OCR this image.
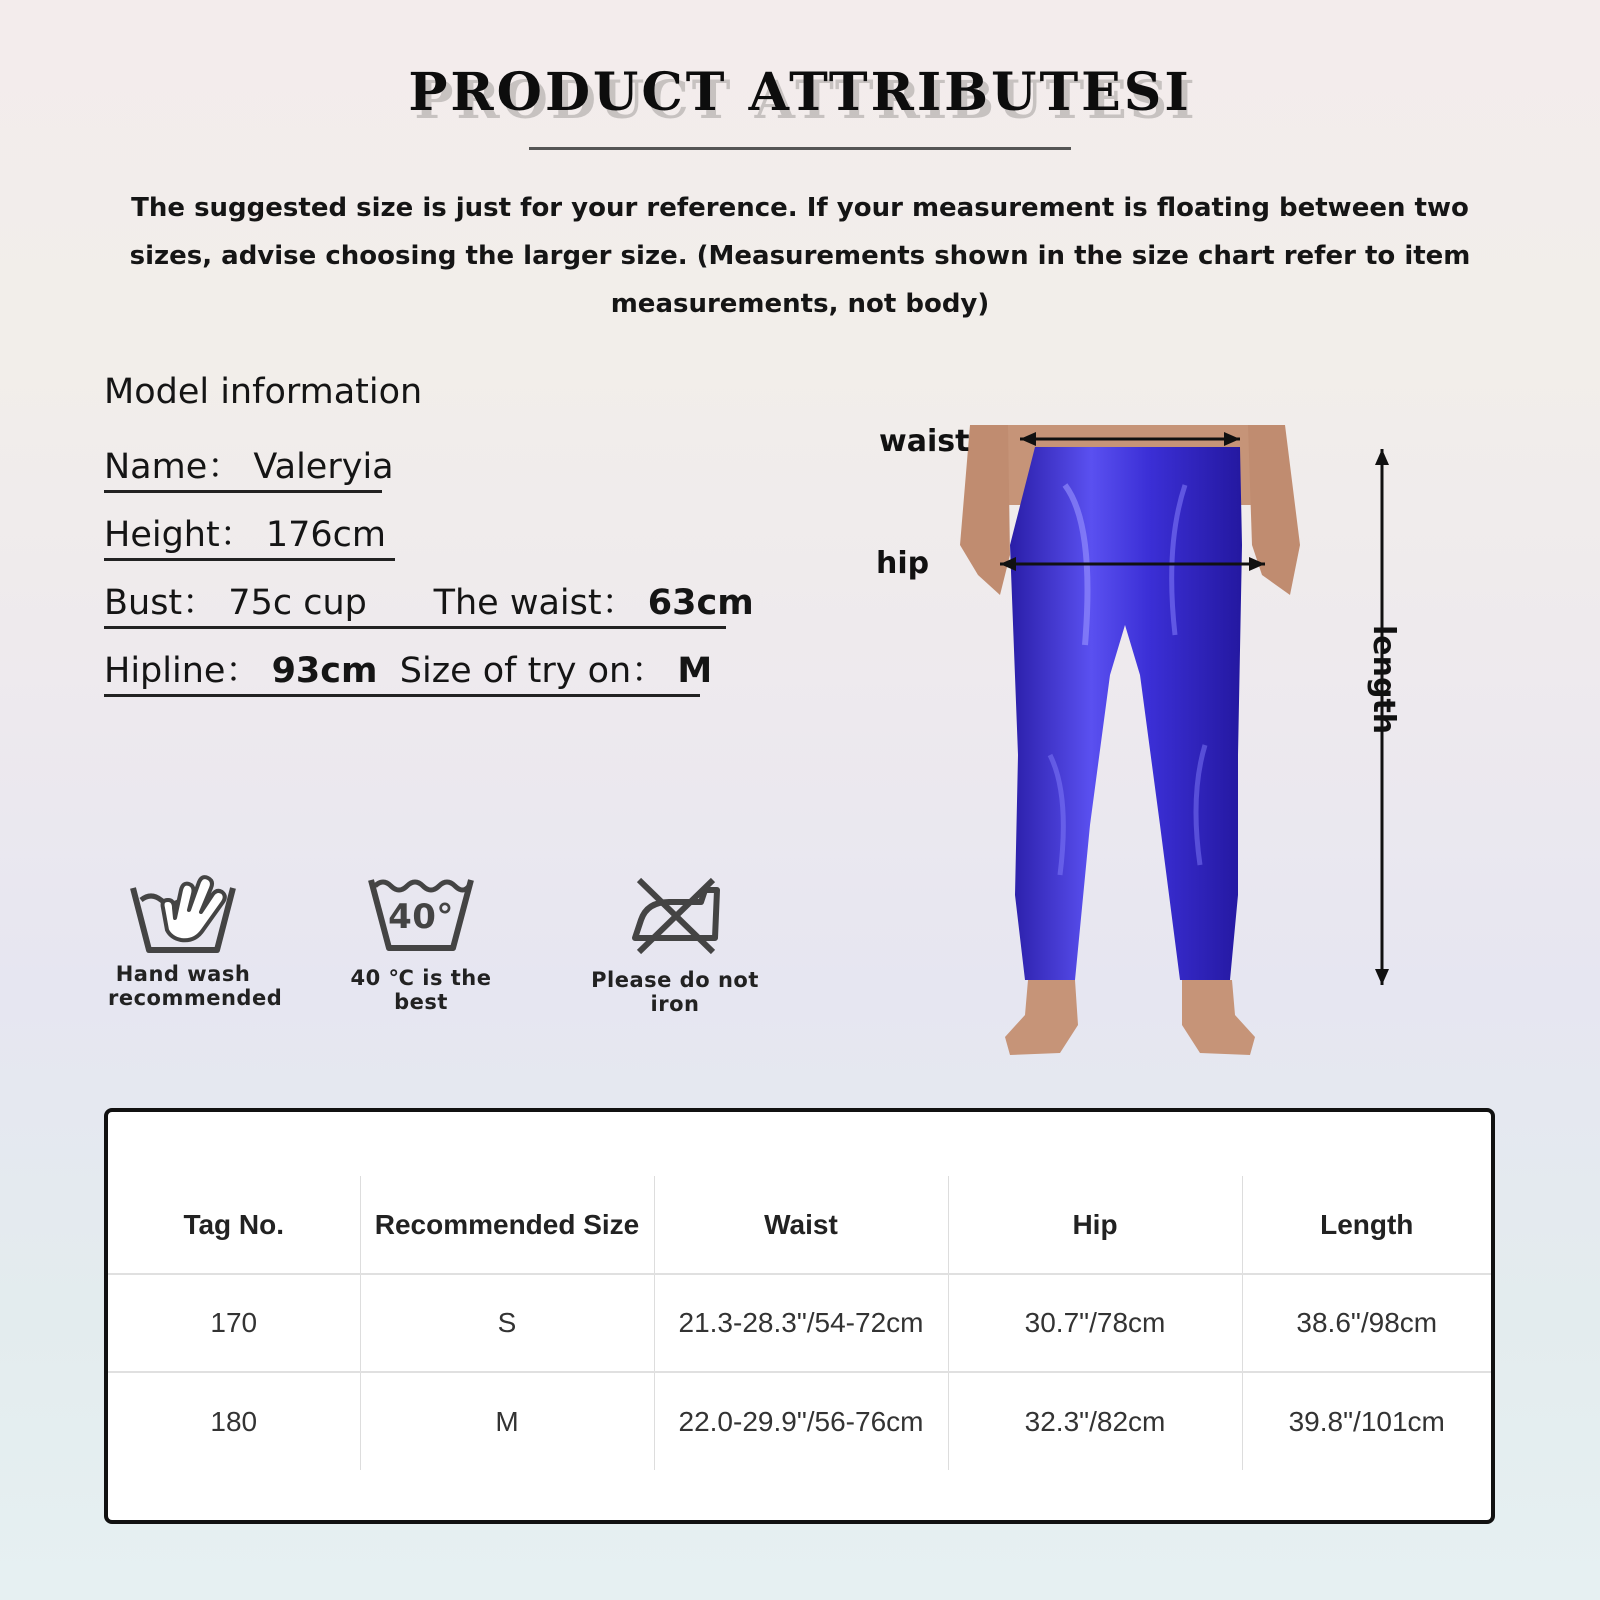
PRODUCT ATTRIBUTESI
The suggested size is just for your reference. If your measurement is floating between two sizes, advise choosing the larger size. (Measurements shown in the size chart refer to item measurements, not body)
Model information
Name： Valeryia
Height： 176cm
Bust： 75c cup The waist： 63cm
Hipline： 93cm Size of try on： M
Hand wash recommended
40°
40 ℃ is the best
Please do not iron
waist
hip
length
Tag No.	Recommended Size	Waist	Hip	Length
170	S	21.3-28.3"/54-72cm	30.7"/78cm	38.6"/98cm
180	M	22.0-29.9"/56-76cm	32.3"/82cm	39.8"/101cm
